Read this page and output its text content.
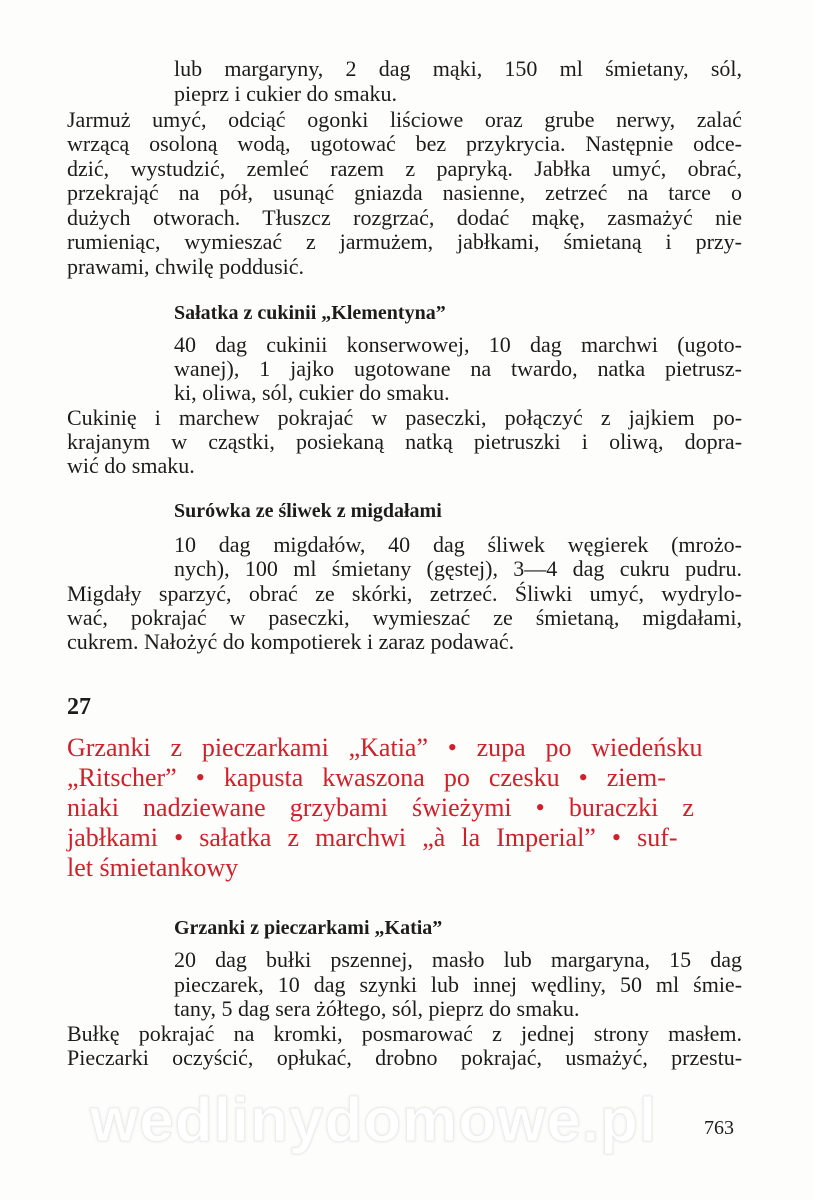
wedlinydomowe.pl
lub margaryny, 2 dag mąki, 150 ml śmietany, sól,
pieprz i cukier do smaku.
Jarmuż umyć, odciąć ogonki liściowe oraz grube nerwy, zalać
wrzącą osoloną wodą, ugotować bez przykrycia. Następnie odce-
dzić, wystudzić, zemleć razem z papryką. Jabłka umyć, obrać,
przekrająć na pół, usunąć gniazda nasienne, zetrzeć na tarce o
dużych otworach. Tłuszcz rozgrzać, dodać mąkę, zasmażyć nie
rumieniąc, wymieszać z jarmużem, jabłkami, śmietaną i przy-
prawami, chwilę poddusić.
Sałatka z cukinii „Klementyna”
40 dag cukinii konserwowej, 10 dag marchwi (ugoto-
wanej), 1 jajko ugotowane na twardo, natka pietrusz-
ki, oliwa, sól, cukier do smaku.
Cukinię i marchew pokrajać w paseczki, połączyć z jajkiem po-
krajanym w cząstki, posiekaną natką pietruszki i oliwą, dopra-
wić do smaku.
Surówka ze śliwek z migdałami
10 dag migdałów, 40 dag śliwek węgierek (mrożo-
nych), 100 ml śmietany (gęstej), 3—4 dag cukru pudru.
Migdały sparzyć, obrać ze skórki, zetrzeć. Śliwki umyć, wydrylo-
wać, pokrajać w paseczki, wymieszać ze śmietaną, migdałami,
cukrem. Nałożyć do kompotierek i zaraz podawać.
27
Grzanki z pieczarkami „Katia” • zupa po wiedeńsku
„Ritscher” • kapusta kwaszona po czesku • ziem-
niaki nadziewane grzybami świeżymi • buraczki z
jabłkami • sałatka z marchwi „à la Imperial” • suf-
let śmietankowy
Grzanki z pieczarkami „Katia”
20 dag bułki pszennej, masło lub margaryna, 15 dag
pieczarek, 10 dag szynki lub innej wędliny, 50 ml śmie-
tany, 5 dag sera żółtego, sól, pieprz do smaku.
Bułkę pokrajać na kromki, posmarować z jednej strony masłem.
Pieczarki oczyścić, opłukać, drobno pokrajać, usmażyć, przestu-
763
